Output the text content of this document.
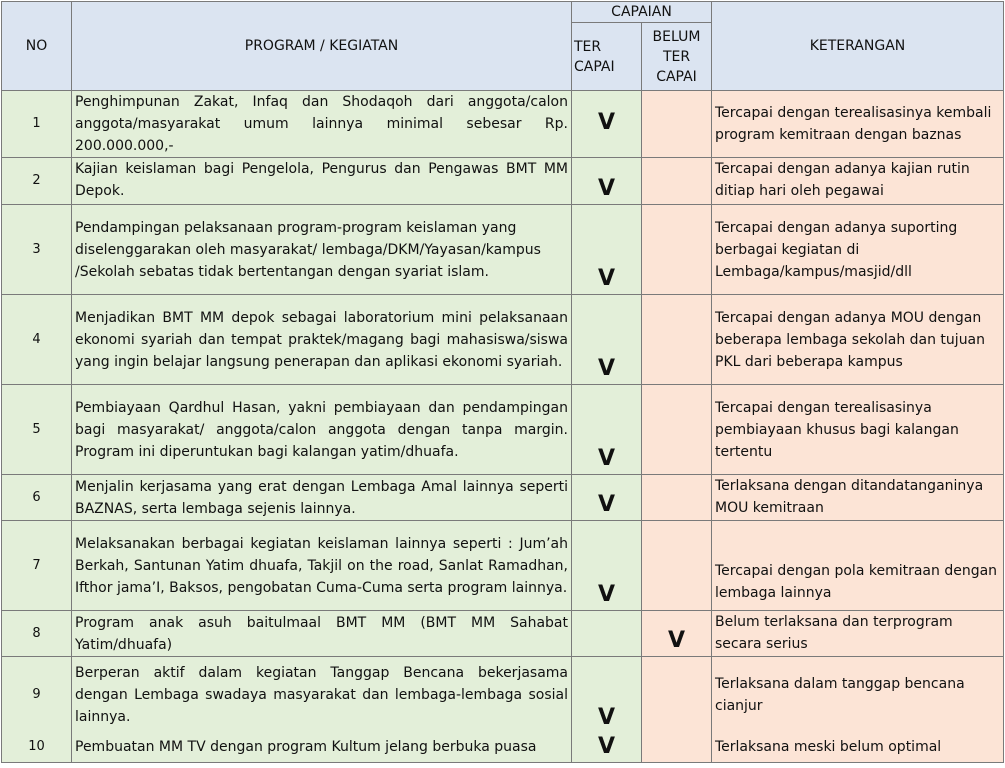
NO	PROGRAM / KEGIATAN	CAPAIAN		KETERANGAN
		TER CAPAI	BELUM TER CAPAI	
1	Penghimpunan Zakat, Infaq dan Shodaqoh dari anggota/calon anggota/masyarakat umum lainnya minimal sebesar Rp. 200.000.000,-	V		Tercapai dengan terealisasinya kembali program kemitraan dengan baznas
2	Kajian keislaman bagi Pengelola, Pengurus dan Pengawas BMT MM Depok.	V		Tercapai dengan adanya kajian rutin ditiap hari oleh pegawai
3	Pendampingan pelaksanaan program-program keislaman yang diselenggarakan oleh masyarakat/ lembaga/DKM/Yayasan/kampus /Sekolah sebatas tidak bertentangan dengan syariat islam.	V		Tercapai dengan adanya suporting berbagai kegiatan di Lembaga/kampus/masjid/dll
4	Menjadikan BMT MM depok sebagai laboratorium mini pelaksanaan ekonomi syariah dan tempat praktek/magang bagi mahasiswa/siswa yang ingin belajar langsung penerapan dan aplikasi ekonomi syariah.	V		Tercapai dengan adanya MOU dengan beberapa lembaga sekolah dan tujuan PKL dari beberapa kampus
5	Pembiayaan Qardhul Hasan, yakni pembiayaan dan pendampingan bagi masyarakat/ anggota/calon anggota dengan tanpa margin. Program ini diperuntukan bagi kalangan yatim/dhuafa.	V		Tercapai dengan terealisasinya pembiayaan khusus bagi kalangan tertentu
6	Menjalin kerjasama yang erat dengan Lembaga Amal lainnya seperti BAZNAS, serta lembaga sejenis lainnya.	V		Terlaksana dengan ditandatanganinya MOU kemitraan
7	Melaksanakan berbagai kegiatan keislaman lainnya seperti : Jum’ah Berkah, Santunan Yatim dhuafa, Takjil on the road, Sanlat Ramadhan, Ifthor jama’I, Baksos, pengobatan Cuma-Cuma serta program lainnya.	V		Tercapai dengan pola kemitraan dengan lembaga lainnya
8	Program anak asuh baitulmaal BMT MM (BMT MM Sahabat Yatim/dhuafa)		V	Belum terlaksana dan terprogram secara serius
9	Berperan aktif dalam kegiatan Tanggap Bencana bekerjasama dengan Lembaga swadaya masyarakat dan lembaga-lembaga sosial lainnya.	V		Terlaksana dalam tanggap bencana cianjur
10	Pembuatan MM TV dengan program Kultum jelang berbuka puasa	V		Terlaksana meski belum optimal
